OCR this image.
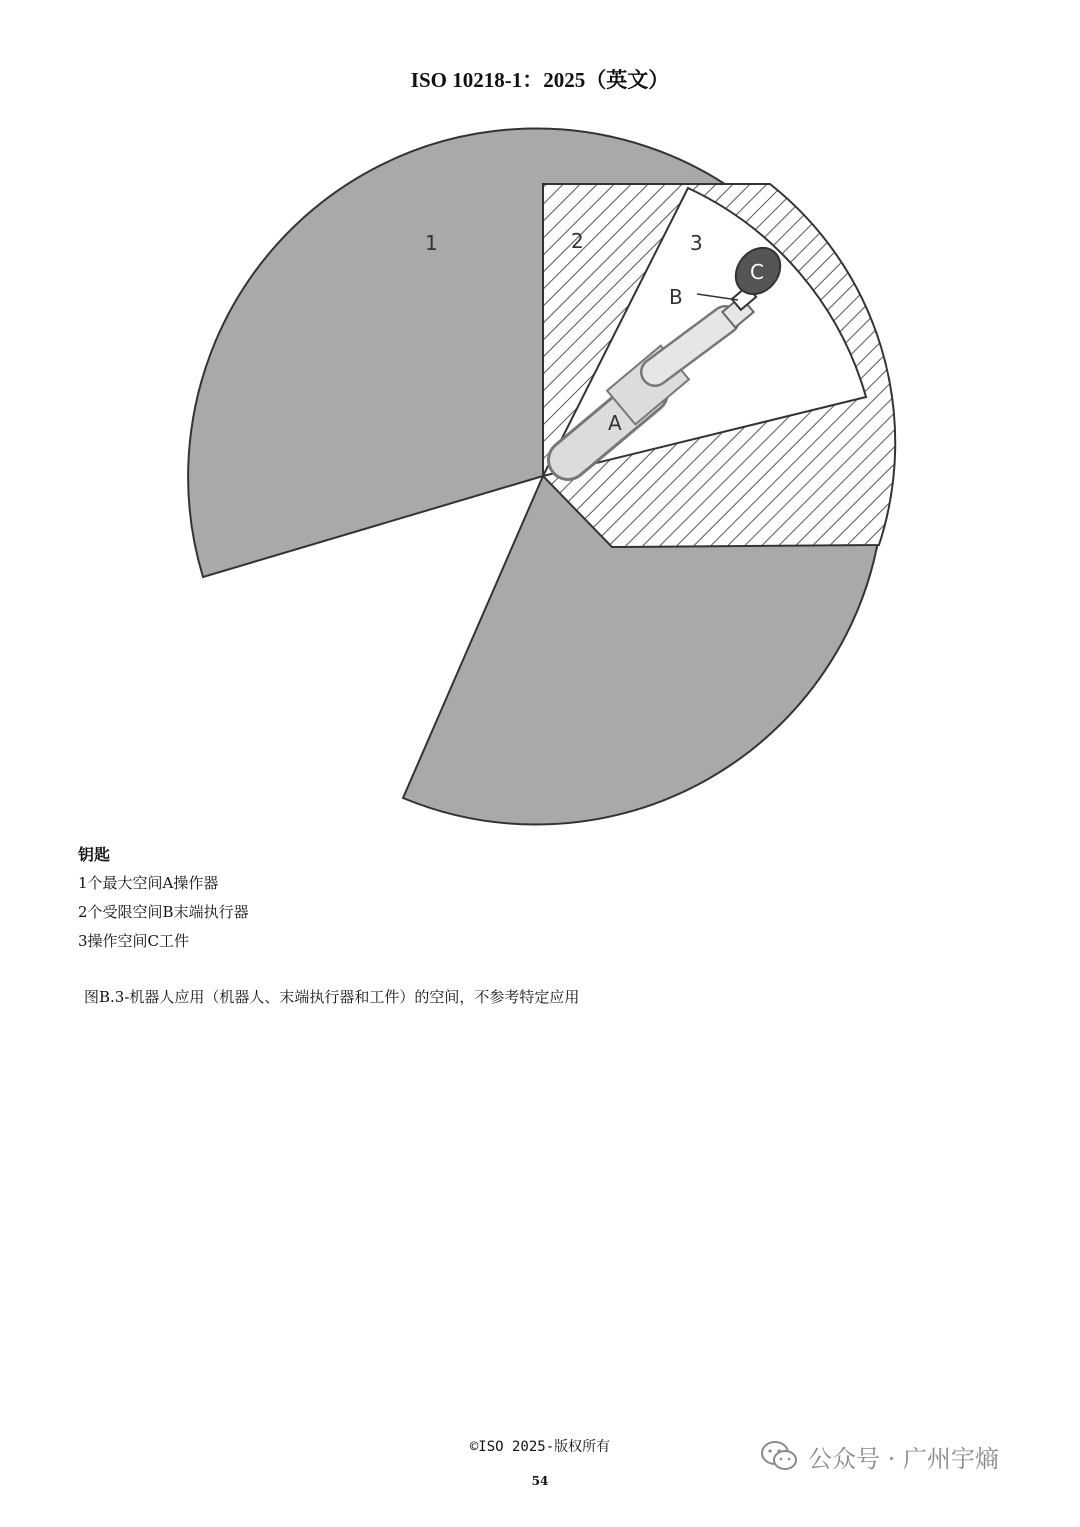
ISO 10218-1：2025（英文）
1	2	3
A
B
C
钥匙
1个最大空间A操作器
2个受限空间B末端执行器
3操作空间C工件
图B.3-机器人应用（机器人、末端执行器和工件）的空间，不参考特定应用
©ISO 2025-版权所有
54
公众号 · 广州宇熵
